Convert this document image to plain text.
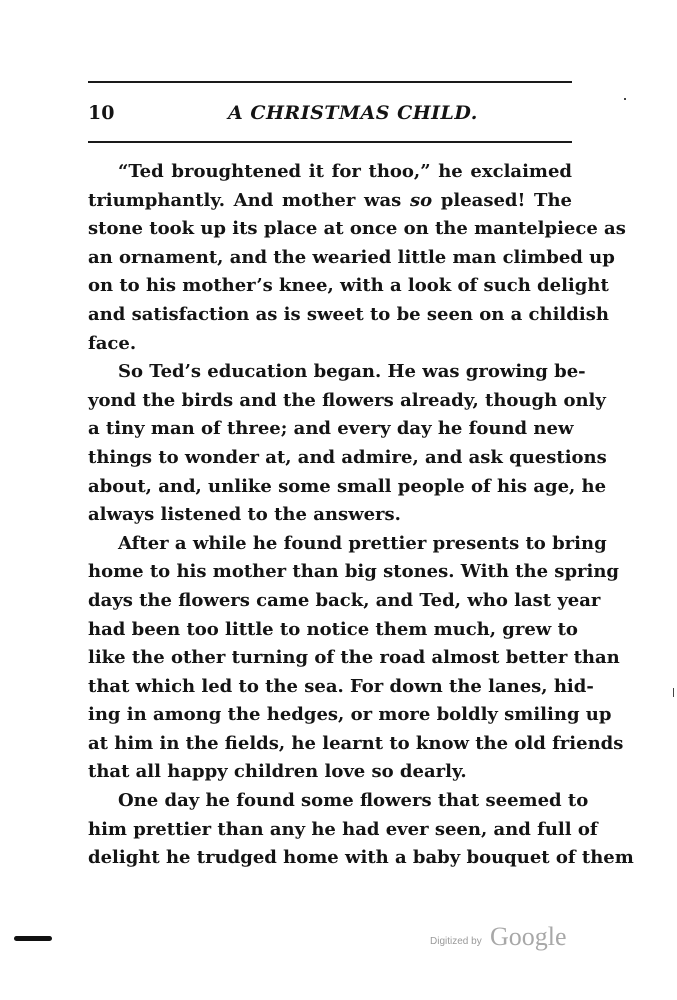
10	A CHRISTMAS CHILD.
“Ted broughtened it for thoo,” he exclaimed
triumphantly. And mother was so pleased! The
stone took up its place at once on the mantelpiece as
an ornament, and the wearied little man climbed up
on to his mother’s knee, with a look of such delight
and satisfaction as is sweet to be seen on a childish
face.
So Ted’s education began. He was growing be-
yond the birds and the flowers already, though only
a tiny man of three; and every day he found new
things to wonder at, and admire, and ask questions
about, and, unlike some small people of his age, he
always listened to the answers.
After a while he found prettier presents to bring
home to his mother than big stones. With the spring
days the flowers came back, and Ted, who last year
had been too little to notice them much, grew to
like the other turning of the road almost better than
that which led to the sea. For down the lanes, hid-
ing in among the hedges, or more boldly smiling up
at him in the fields, he learnt to know the old friends
that all happy children love so dearly.
One day he found some flowers that seemed to
him prettier than any he had ever seen, and full of
delight he trudged home with a baby bouquet of them
Digitized by Google
